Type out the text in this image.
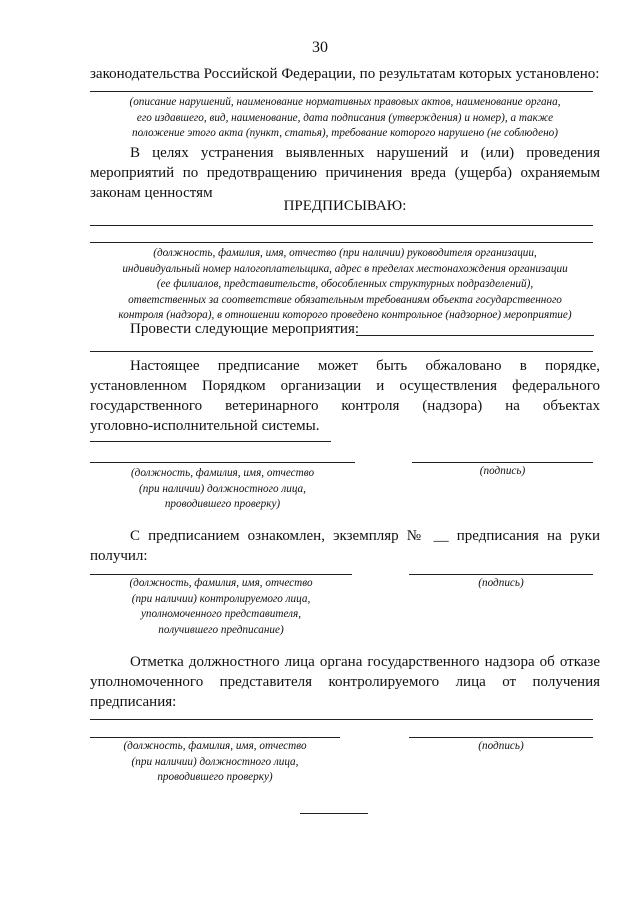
30
законодательства Российской Федерации, по результатам которых установлено:
(описание нарушений, наименование нормативных правовых актов, наименование органа,
его издавшего, вид, наименование, дата подписания (утверждения) и номер), а также
положение этого акта (пункт, статья), требование которого нарушено (не соблюдено)
В целях устранения выявленных нарушений и (или) проведения
мероприятий по предотвращению причинения вреда (ущерба) охраняемым
законам ценностям
ПРЕДПИСЫВАЮ:
(должность, фамилия, имя, отчество (при наличии) руководителя организации,
индивидуальный номер налогоплательщика, адрес в пределах местонахождения организации
(ее филиалов, представительств, обособленных структурных подразделений),
ответственных за соответствие обязательным требованиям объекта государственного
контроля (надзора), в отношении которого проведено контрольное (надзорное) мероприятие)
Провести следующие мероприятия:
Настоящее предписание может быть обжаловано в порядке,
установленном Порядком организации и осуществления федерального
государственного ветеринарного контроля (надзора) на объектах
уголовно-исполнительной системы.
(должность, фамилия, имя, отчество
(при наличии) должностного лица,
проводившего проверку)
(подпись)
С предписанием ознакомлен, экземпляр № __ предписания на руки
получил:
(должность, фамилия, имя, отчество
(при наличии) контролируемого лица,
уполномоченного представителя,
получившего предписание)
(подпись)
Отметка должностного лица органа государственного надзора об отказе
уполномоченного представителя контролируемого лица от получения
предписания:
(должность, фамилия, имя, отчество
(при наличии) должностного лица,
проводившего проверку)
(подпись)
